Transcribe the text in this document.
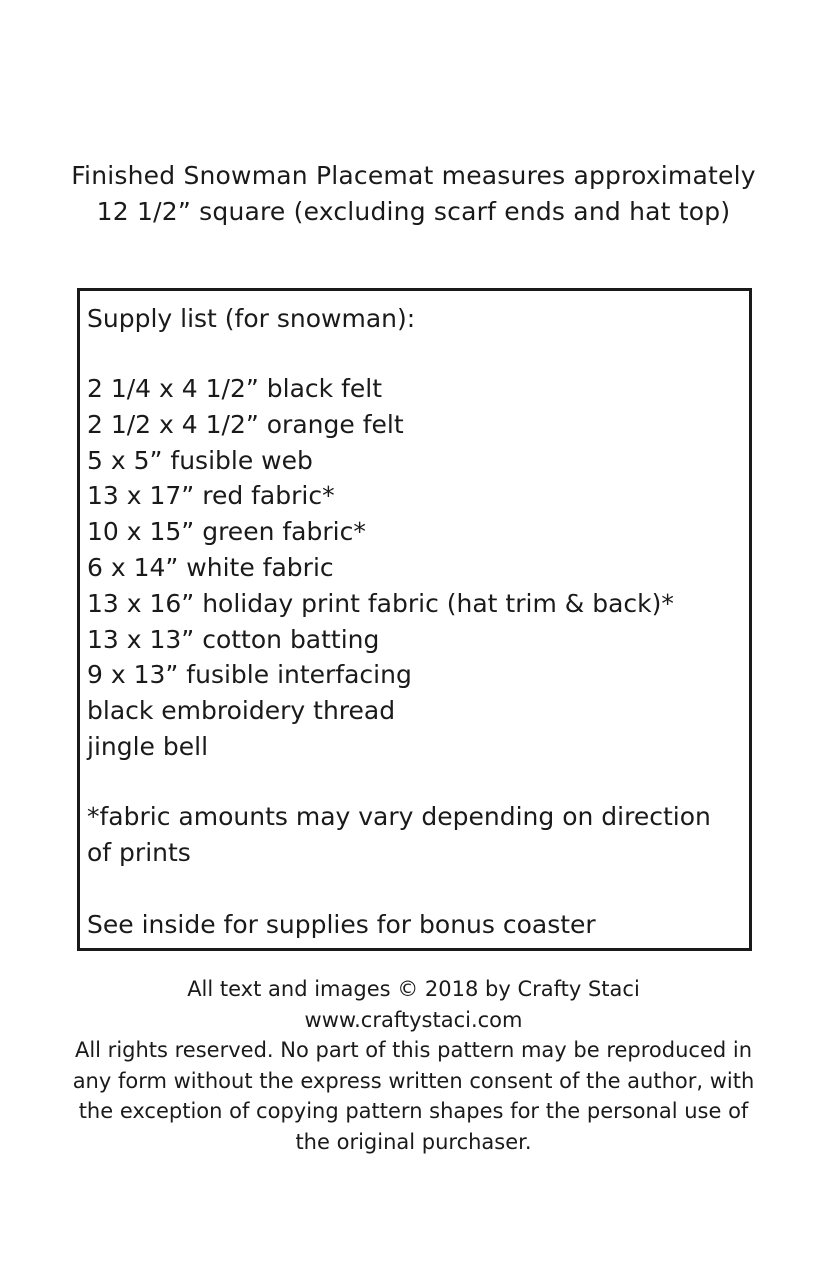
Finished Snowman Placemat measures approximately 12 1/2” square (excluding scarf ends and hat top)
Supply list (for snowman):
2 1/4 x 4 1/2” black felt
2 1/2 x 4 1/2” orange felt
5 x 5” fusible web
13 x 17” red fabric*
10 x 15” green fabric*
6 x 14” white fabric
13 x 16” holiday print fabric (hat trim & back)*
13 x 13” cotton batting
9 x 13” fusible interfacing
black embroidery thread
jingle bell
*fabric amounts may vary depending on direction of prints
See inside for supplies for bonus coaster
All text and images © 2018 by Crafty Staci
www.craftystaci.com
All rights reserved. No part of this pattern may be reproduced in any form without the express written consent of the author, with the exception of copying pattern shapes for the personal use of the original purchaser.
